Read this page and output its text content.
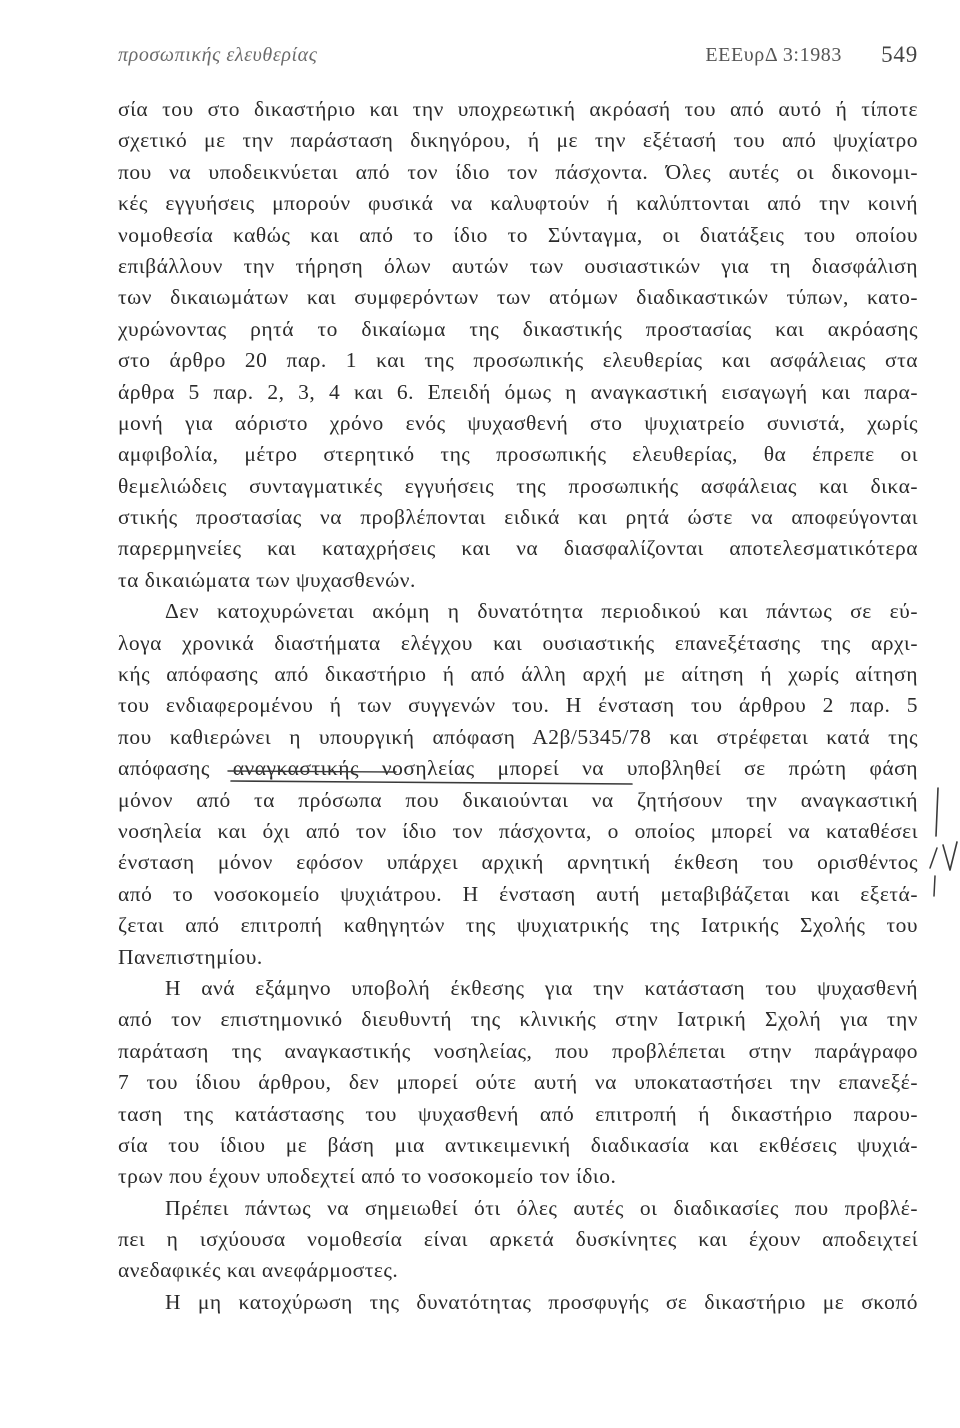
προσωπικής ελευθερίας	ΕΕΕυρΔ 3:1983 549
σία του στο δικαστήριο και την υποχρεωτική ακρόασή του από αυτό ή τίποτε
σχετικό με την παράσταση δικηγόρου, ή με την εξέτασή του από ψυχίατρο
που να υποδεικνύεται από τον ίδιο τον πάσχοντα. Όλες αυτές οι δικονομι-
κές εγγυήσεις μπορούν φυσικά να καλυφτούν ή καλύπτονται από την κοινή
νομοθεσία καθώς και από το ίδιο το Σύνταγμα, οι διατάξεις του οποίου
επιβάλλουν την τήρηση όλων αυτών των ουσιαστικών για τη διασφάλιση
των δικαιωμάτων και συμφερόντων των ατόμων διαδικαστικών τύπων, κατο-
χυρώνοντας ρητά το δικαίωμα της δικαστικής προστασίας και ακρόασης
στο άρθρο 20 παρ. 1 και της προσωπικής ελευθερίας και ασφάλειας στα
άρθρα 5 παρ. 2, 3, 4 και 6. Επειδή όμως η αναγκαστική εισαγωγή και παρα-
μονή για αόριστο χρόνο ενός ψυχασθενή στο ψυχιατρείο συνιστά, χωρίς
αμφιβολία, μέτρο στερητικό της προσωπικής ελευθερίας, θα έπρεπε οι
θεμελιώδεις συνταγματικές εγγυήσεις της προσωπικής ασφάλειας και δικα-
στικής προστασίας να προβλέπονται ειδικά και ρητά ώστε να αποφεύγονται
παρερμηνείες και καταχρήσεις και να διασφαλίζονται αποτελεσματικότερα
τα δικαιώματα των ψυχασθενών.
Δεν κατοχυρώνεται ακόμη η δυνατότητα περιοδικού και πάντως σε εύ-
λογα χρονικά διαστήματα ελέγχου και ουσιαστικής επανεξέτασης της αρχι-
κής απόφασης από δικαστήριο ή από άλλη αρχή με αίτηση ή χωρίς αίτηση
του ενδιαφερομένου ή των συγγενών του. Η ένσταση του άρθρου 2 παρ. 5
που καθιερώνει η υπουργική απόφαση Α2β/5345/78 και στρέφεται κατά της
απόφασης αναγκαστικής νοσηλείας μπορεί να υποβληθεί σε πρώτη φάση
μόνον από τα πρόσωπα που δικαιούνται να ζητήσουν την αναγκαστική
νοσηλεία και όχι από τον ίδιο τον πάσχοντα, ο οποίος μπορεί να καταθέσει
ένσταση μόνον εφόσον υπάρχει αρχική αρνητική έκθεση του ορισθέντος
από το νοσοκομείο ψυχιάτρου. Η ένσταση αυτή μεταβιβάζεται και εξετά-
ζεται από επιτροπή καθηγητών της ψυχιατρικής της Ιατρικής Σχολής του
Πανεπιστημίου.
Η ανά εξάμηνο υποβολή έκθεσης για την κατάσταση του ψυχασθενή
από τον επιστημονικό διευθυντή της κλινικής στην Ιατρική Σχολή για την
παράταση της αναγκαστικής νοσηλείας, που προβλέπεται στην παράγραφο
7 του ίδιου άρθρου, δεν μπορεί ούτε αυτή να υποκαταστήσει την επανεξέ-
ταση της κατάστασης του ψυχασθενή από επιτροπή ή δικαστήριο παρου-
σία του ίδιου με βάση μια αντικειμενική διαδικασία και εκθέσεις ψυχιά-
τρων που έχουν υποδεχτεί από το νοσοκομείο τον ίδιο.
Πρέπει πάντως να σημειωθεί ότι όλες αυτές οι διαδικασίες που προβλέ-
πει η ισχύουσα νομοθεσία είναι αρκετά δυσκίνητες και έχουν αποδειχτεί
ανεδαφικές και ανεφάρμοστες.
Η μη κατοχύρωση της δυνατότητας προσφυγής σε δικαστήριο με σκοπό
